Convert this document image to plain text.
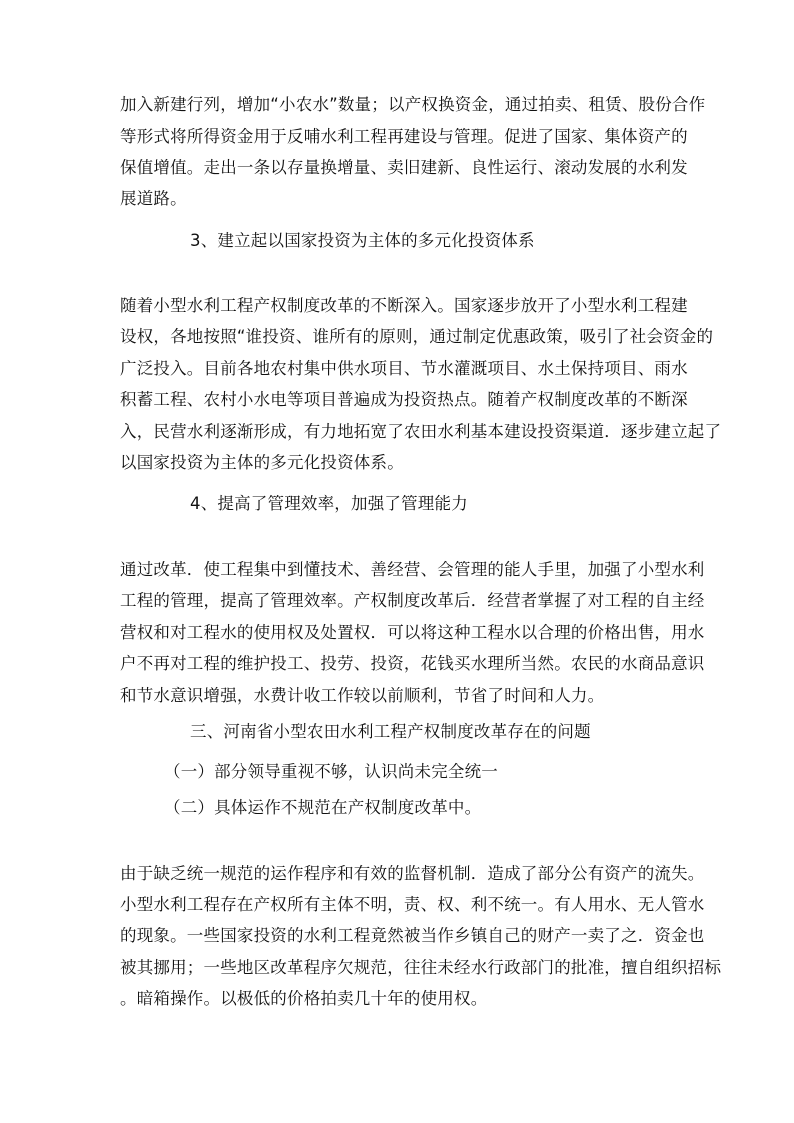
加入新建行列，增加“小农水”数量；以产权换资金，通过拍卖、租赁、股份合作
等形式将所得资金用于反哺水利工程再建设与管理。促进了国家、集体资产的
保值增值。走出一条以存量换增量、卖旧建新、良性运行、滚动发展的水利发
展道路。
3、建立起以国家投资为主体的多元化投资体系
随着小型水利工程产权制度改革的不断深入。国家逐步放开了小型水利工程建
设权，各地按照“谁投资、谁所有的原则，通过制定优惠政策，吸引了社会资金的
广泛投入。目前各地农村集中供水项目、节水灌溉项目、水土保持项目、雨水
积蓄工程、农村小水电等项目普遍成为投资热点。随着产权制度改革的不断深
入，民营水利逐渐形成，有力地拓宽了农田水利基本建设投资渠道．逐步建立起了
以国家投资为主体的多元化投资体系。
4、提高了管理效率，加强了管理能力
通过改革．使工程集中到懂技术、善经营、会管理的能人手里，加强了小型水利
工程的管理，提高了管理效率。产权制度改革后．经营者掌握了对工程的自主经
营权和对工程水的使用权及处置权．可以将这种工程水以合理的价格出售，用水
户不再对工程的维护投工、投劳、投资，花钱买水理所当然。农民的水商品意识
和节水意识增强，水费计收工作较以前顺利，节省了时间和人力。
三、河南省小型农田水利工程产权制度改革存在的问题
（一）部分领导重视不够，认识尚未完全统一
（二）具体运作不规范在产权制度改革中。
由于缺乏统一规范的运作程序和有效的监督机制．造成了部分公有资产的流失。
小型水利工程存在产权所有主体不明，责、权、利不统一。有人用水、无人管水
的现象。一些国家投资的水利工程竟然被当作乡镇自己的财产一卖了之．资金也
被其挪用；一些地区改革程序欠规范，往往未经水行政部门的批准，擅自组织招标
。暗箱操作。以极低的价格拍卖几十年的使用权。
